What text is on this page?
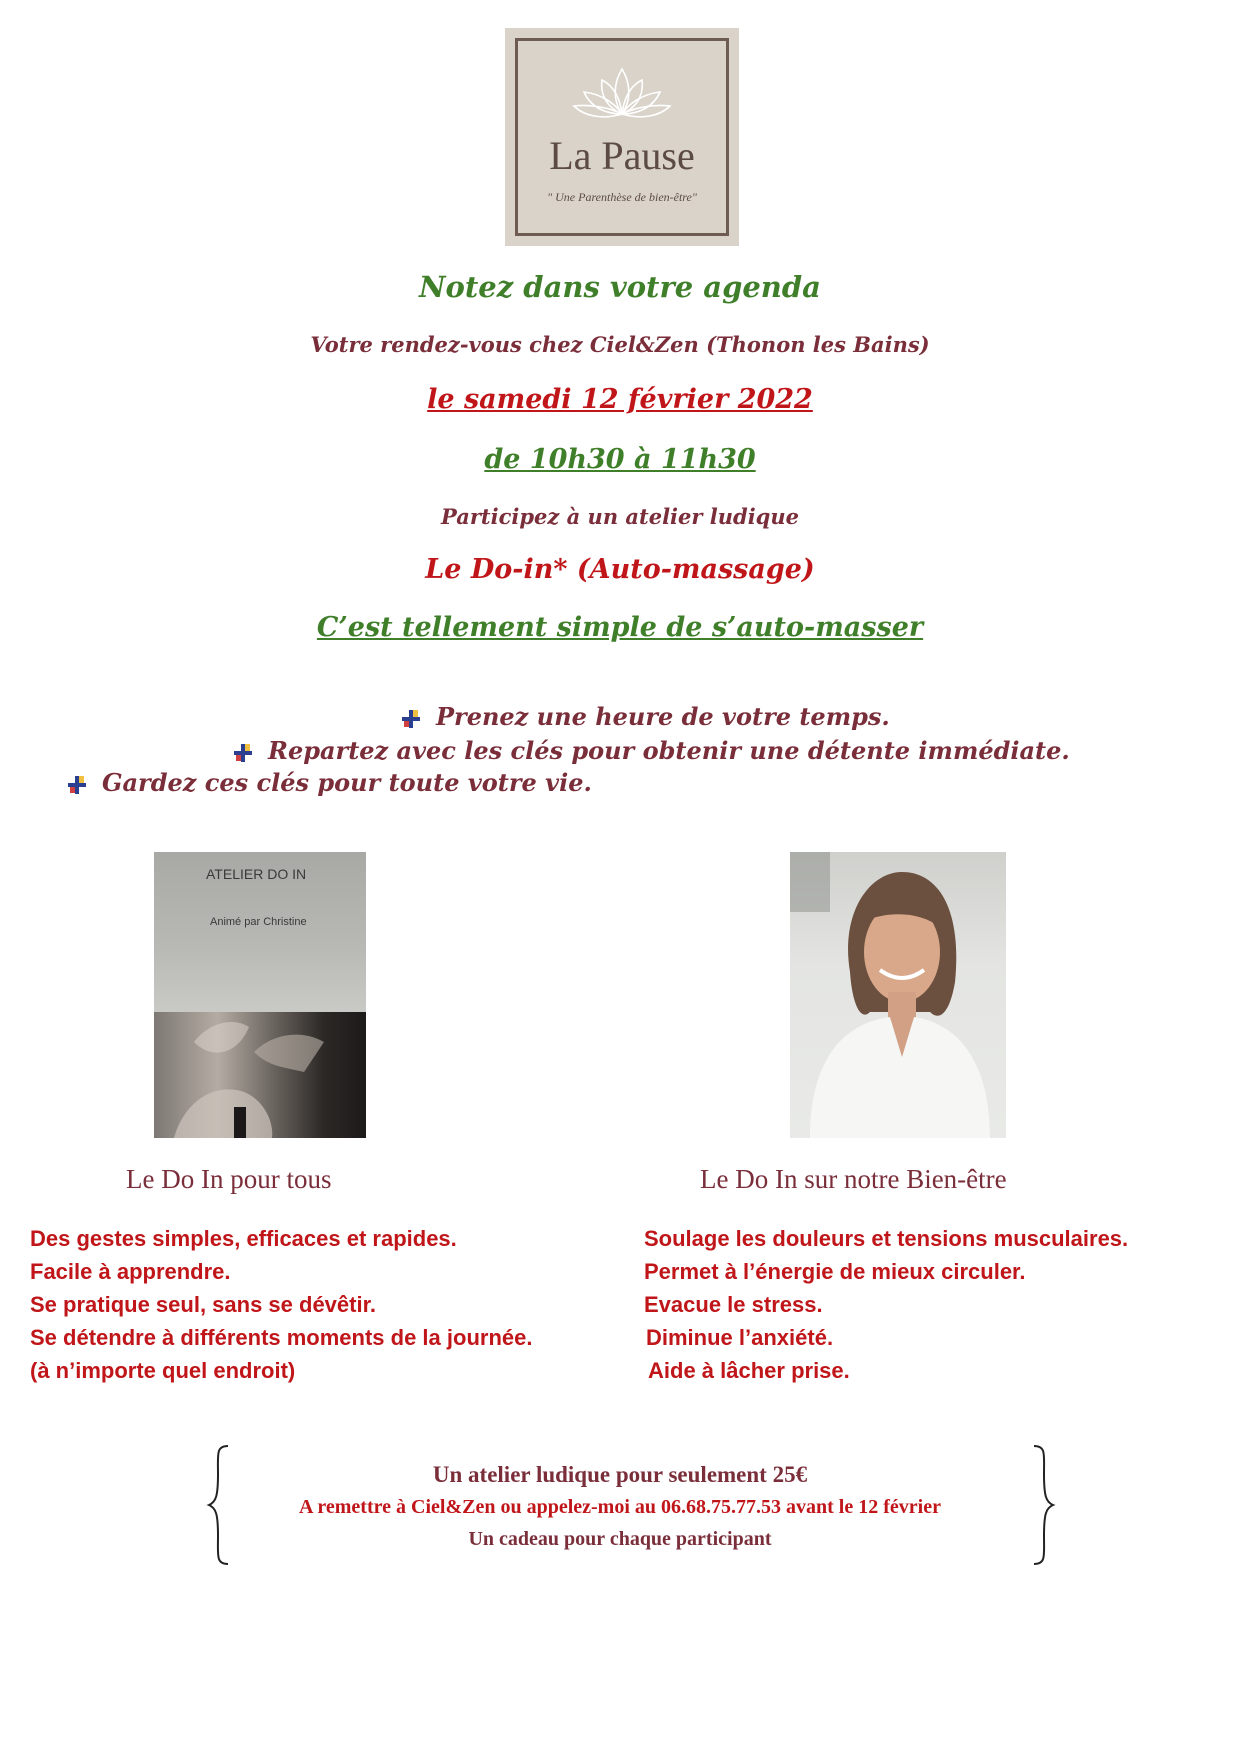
La Pause
" Une Parenthèse de bien-être"
Notez dans votre agenda
Votre rendez-vous chez Ciel&Zen (Thonon les Bains)
le samedi 12 février 2022
de 10h30 à 11h30
Participez à un atelier ludique
Le Do-in* (Auto-massage)
C’est tellement simple de s’auto-masser
Prenez une heure de votre temps.
Repartez avec les clés pour obtenir une détente immédiate.
Gardez ces clés pour toute votre vie.
ATELIER DO IN
Animé par Christine
Le Do In pour tous	Le Do In sur notre Bien-être
Des gestes simples, efficaces et rapides.
Facile à apprendre.
Se pratique seul, sans se dévêtir.
Se détendre à différents moments de la journée.
(à n’importe quel endroit)
Soulage les douleurs et tensions musculaires.
Permet à l’énergie de mieux circuler.
Evacue le stress.
Diminue l’anxiété.
Aide à lâcher prise.
Un atelier ludique pour seulement 25€
A remettre à Ciel&Zen ou appelez-moi au 06.68.75.77.53 avant le 12 février
Un cadeau pour chaque participant
